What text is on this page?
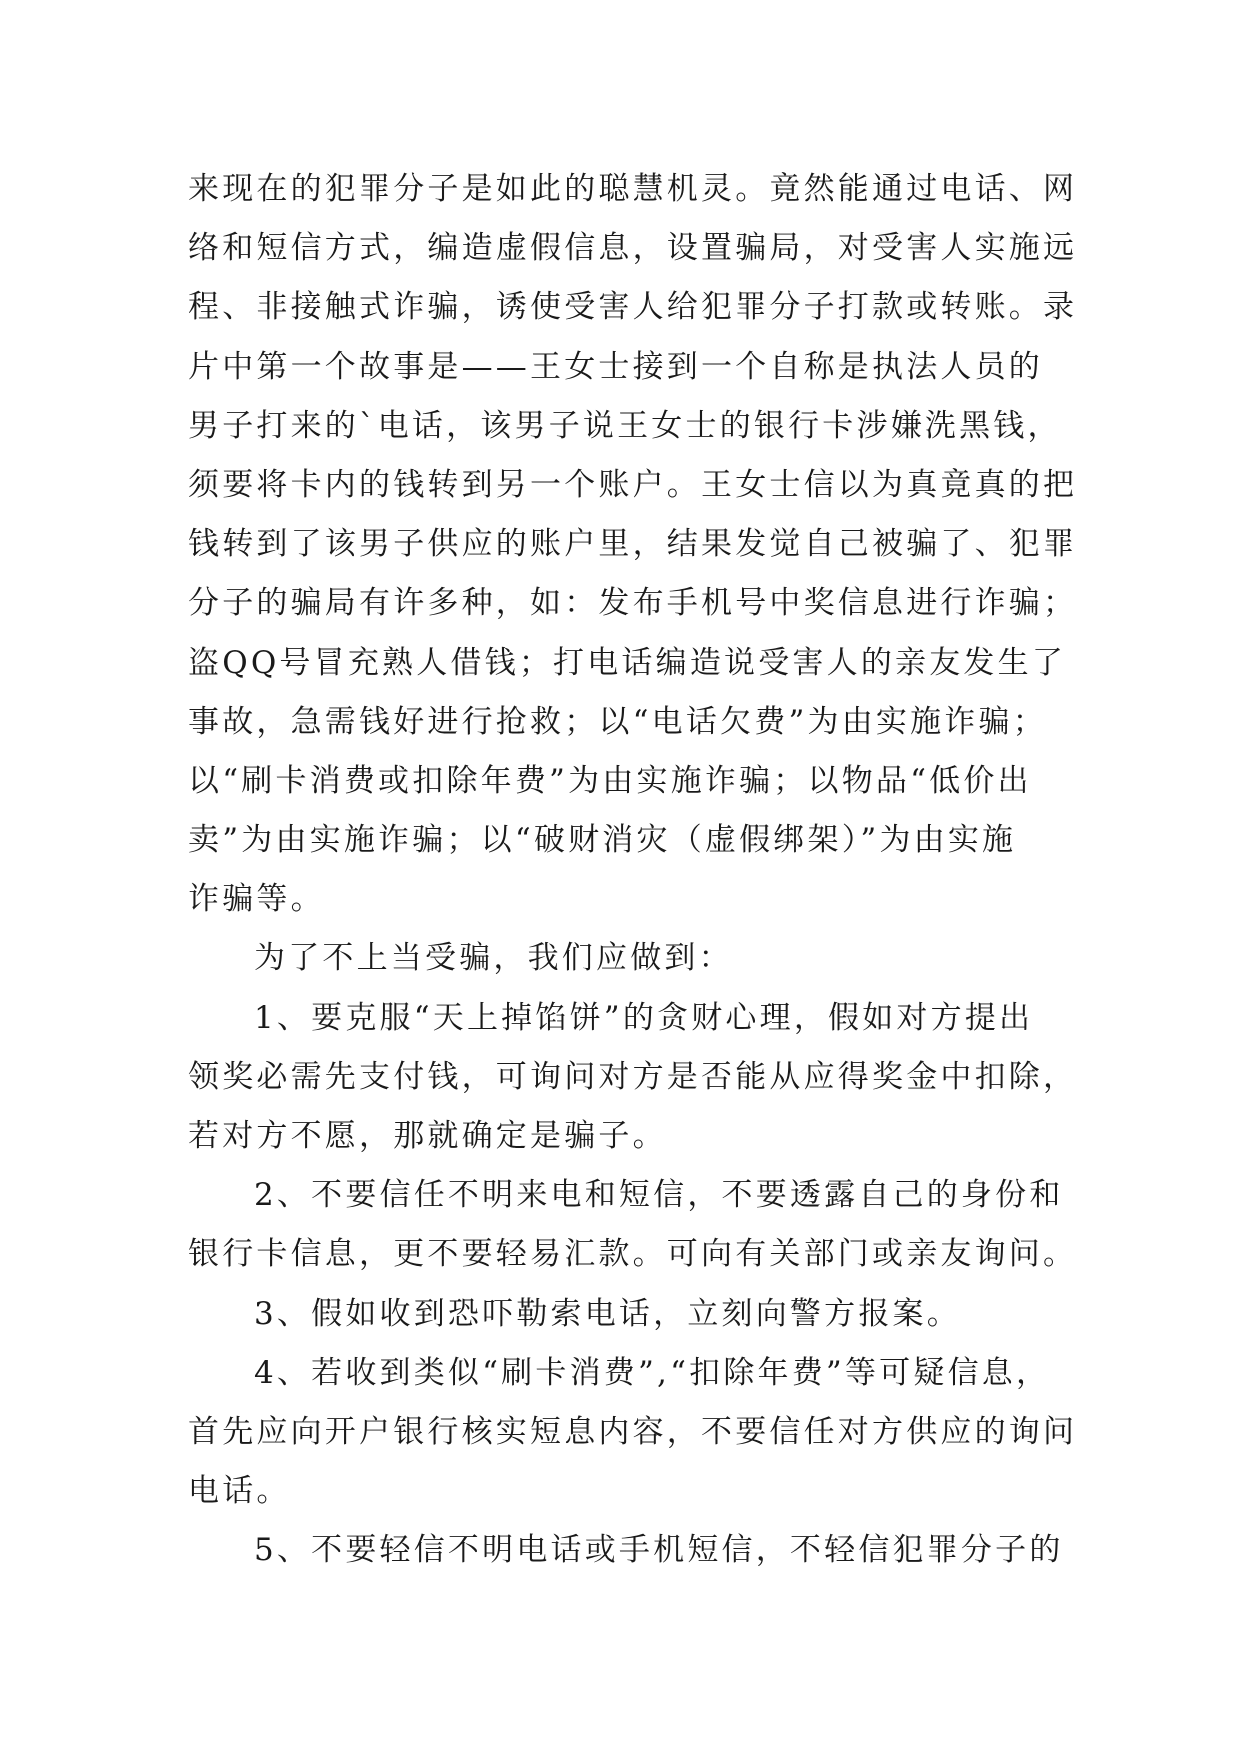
来现在的犯罪分子是如此的聪慧机灵。竟然能通过电话、网
络和短信方式，编造虚假信息，设置骗局，对受害人实施远
程、非接触式诈骗，诱使受害人给犯罪分子打款或转账。录
片中第一个故事是——王女士接到一个自称是执法人员的
男子打来的`电话，该男子说王女士的银行卡涉嫌洗黑钱，
须要将卡内的钱转到另一个账户。王女士信以为真竟真的把
钱转到了该男子供应的账户里，结果发觉自己被骗了、犯罪
分子的骗局有许多种，如：发布手机号中奖信息进行诈骗；
盗QQ号冒充熟人借钱；打电话编造说受害人的亲友发生了
事故，急需钱好进行抢救；以“电话欠费”为由实施诈骗；
以“刷卡消费或扣除年费”为由实施诈骗；以物品“低价出
卖”为由实施诈骗；以“破财消灾（虚假绑架）”为由实施
诈骗等。
为了不上当受骗，我们应做到：
1、要克服“天上掉馅饼”的贪财心理，假如对方提出
领奖必需先支付钱，可询问对方是否能从应得奖金中扣除，
若对方不愿，那就确定是骗子。
2、不要信任不明来电和短信，不要透露自己的身份和
银行卡信息，更不要轻易汇款。可向有关部门或亲友询问。
3、假如收到恐吓勒索电话，立刻向警方报案。
4、若收到类似“刷卡消费”,“扣除年费”等可疑信息，
首先应向开户银行核实短息内容，不要信任对方供应的询问
电话。
5、不要轻信不明电话或手机短信，不轻信犯罪分子的
